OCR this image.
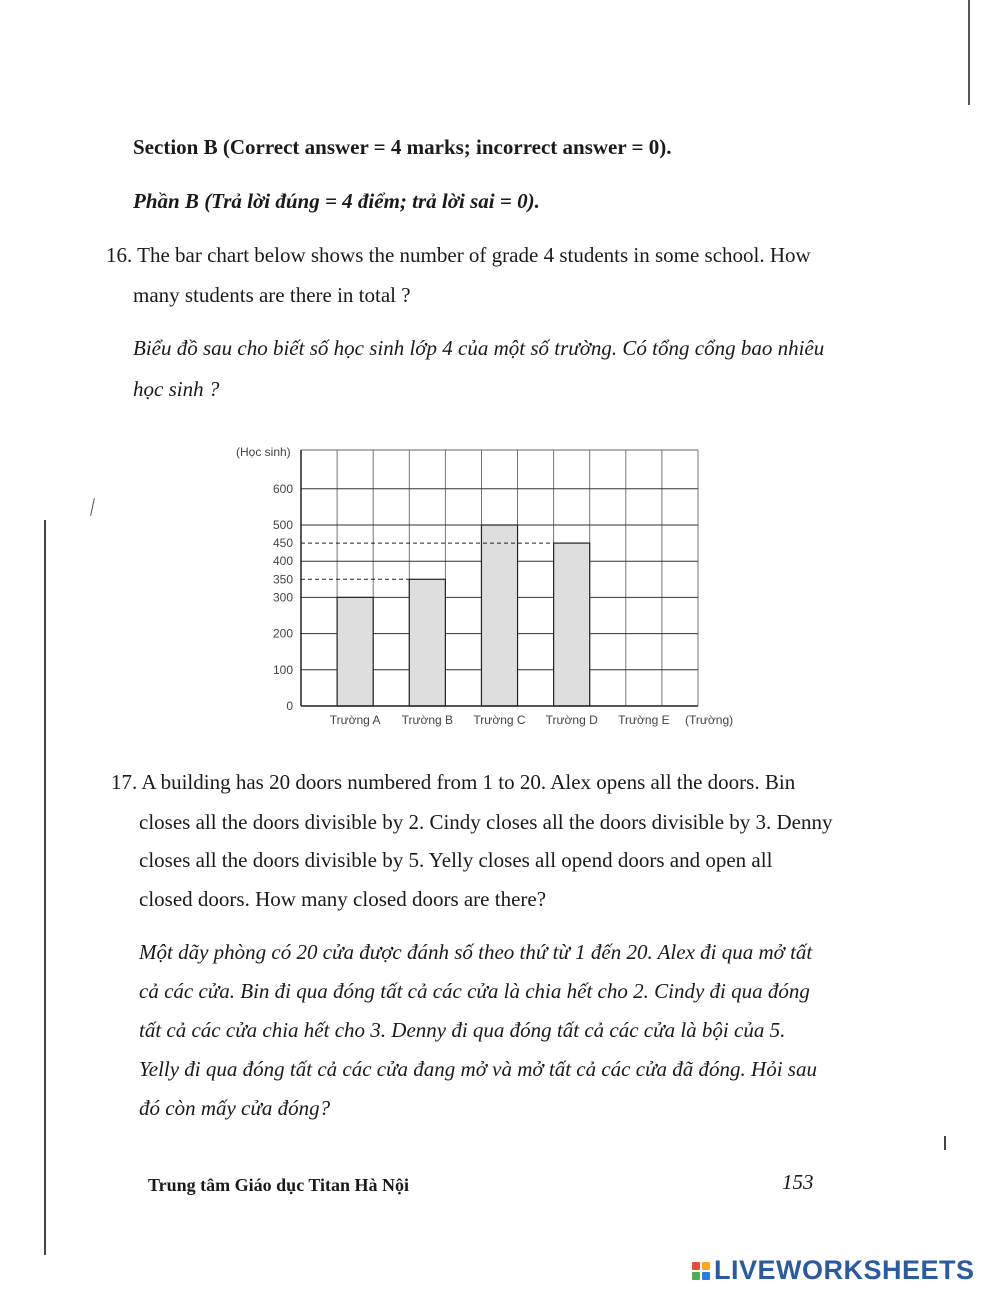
Section B (Correct answer = 4 marks; incorrect answer = 0).
Phần B (Trả lời đúng = 4 điểm; trả lời sai = 0).
16. The bar chart below shows the number of grade 4 students in some school. How
many students are there in total ?
Biểu đồ sau cho biết số học sinh lớp 4 của một số trường. Có tổng cổng bao nhiêu
học sinh ?
(Học sinh)
(Trường)
0
100
200
300
350
400
450
500
600
Trường A Trường B Trường C Trường D Trường E
17. A building has 20 doors numbered from 1 to 20. Alex opens all the doors. Bin
closes all the doors divisible by 2. Cindy closes all the doors divisible by 3. Denny
closes all the doors divisible by 5. Yelly closes all opend doors and open all
closed doors. How many closed doors are there?
Một dãy phòng có 20 cửa được đánh số theo thứ từ 1 đến 20. Alex đi qua mở tất
cả các cửa. Bin đi qua đóng tất cả các cửa là chia hết cho 2. Cindy đi qua đóng
tất cả các cửa chia hết cho 3. Denny đi qua đóng tất cả các cửa là bội của 5.
Yelly đi qua đóng tất cả các cửa đang mở và mở tất cả các cửa đã đóng. Hỏi sau
đó còn mấy cửa đóng?
Trung tâm Giáo dục Titan Hà Nội	153
LIVEWORKSHEETS
